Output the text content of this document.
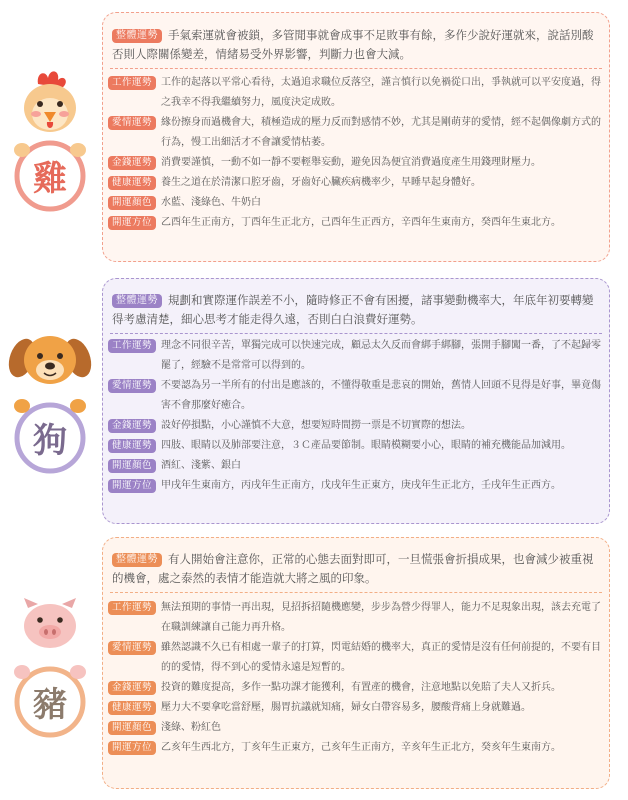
整體運勢 手氣索運就會被鎖，多管閒事就會成事不足敗事有餘，多作少說好運就來，說話別酸否則人際關係變差，情緒易受外界影響，判斷力也會大減。
工作運勢 工作的起落以平常心看待，太過追求職位反落空，謹言慎行以免禍從口出，爭執就可以平安度過，得之我幸不得我繼續努力，風度決定成敗。
愛情運勢 緣份擦身而過機會大，積極造成的壓力反而對感情不妙，尤其是剛萌芽的愛情，經不起偶像劇方式的行為，慢工出細活才不會讓愛情枯萎。
金錢運勢 消費要謹慎，一動不如一靜不要輕舉妄動，避免因為便宜消費過度產生用錢理財壓力。
健康運勢 養生之道在於清潔口腔牙齒，牙齒好心臟疾病機率少，早睡早起身體好。
開運顏色 水藍、淺綠色、牛奶白
開運方位 乙酉年生正南方，丁酉年生正北方，己酉年生正西方，辛酉年生東南方，癸酉年生東北方。
雞
整體運勢 規劃和實際運作誤差不小，隨時修正不會有困擾，諸事變動機率大，年底年初要轉變得考慮清楚，細心思考才能走得久遠，否則白白浪費好運勢。
工作運勢 理念不同很辛苦，單獨完成可以快速完成，顧忌太久反而會綁手綁腳，張開手腳闖一番，了不起歸零罷了，經驗不是常常可以得到的。
愛情運勢 不要認為另一半所有的付出是應該的，不懂得敬重是悲哀的開始，舊情人回頭不見得是好事，畢竟傷害不會那麼好癒合。
金錢運勢 設好停損點，小心謹慎不大意，想要短時間撈一票是不切實際的想法。
健康運勢 四肢、眼睛以及肺部要注意，３Ｃ產品要節制。眼睛模糊要小心，眼睛的補充機能品加減用。
開運顏色 酒紅、淺紫、銀白
開運方位 甲戌年生東南方，丙戌年生正南方，戊戌年生正東方，庚戌年生正北方，壬戌年生正西方。
狗
整體運勢 有人開始會注意你，正常的心態去面對即可，一旦慌張會折損成果，也會減少被重視的機會，處之泰然的表情才能造就大將之風的印象。
工作運勢 無法預期的事情一再出現，見招拆招隨機應變，步步為營少得罪人，能力不足現象出現，該去充電了在職訓練讓自己能力再升格。
愛情運勢 雖然認識不久已有相處一輩子的打算，閃電結婚的機率大，真正的愛情是沒有任何前提的，不要有目的的愛情，得不到心的愛情永遠是短暫的。
金錢運勢 投資的難度提高，多作一點功課才能獲利，有置產的機會，注意地點以免賠了夫人又折兵。
健康運勢 壓力大不要拿吃當舒壓，腸胃抗議就知痛，婦女白帶容易多，腰酸背痛上身就難過。
開運顏色 淺綠、粉紅色
開運方位 乙亥年生西北方，丁亥年生正東方，己亥年生正南方，辛亥年生正北方，癸亥年生東南方。
豬
